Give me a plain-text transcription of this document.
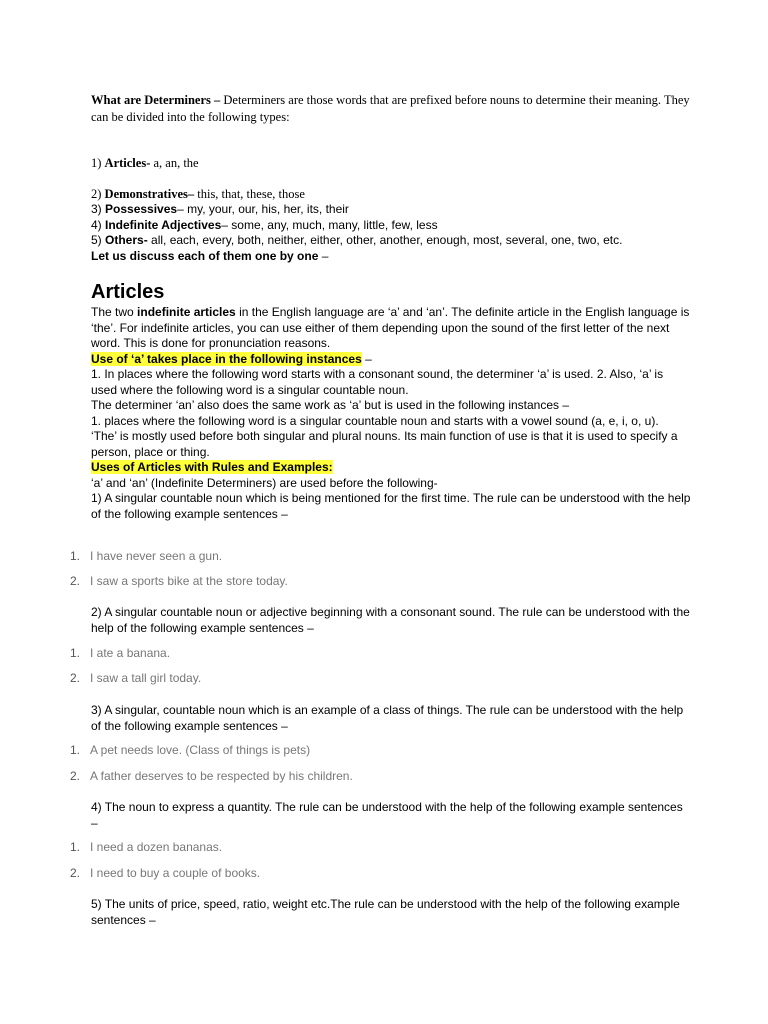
What are Determiners – Determiners are those words that are prefixed before nouns to determine their meaning. They can be divided into the following types:

1) Articles- a, an, the

2) Demonstratives– this, that, these, those

3) Possessives– my, your, our, his, her, its, their

4) Indefinite Adjectives– some, any, much, many, little, few, less

5) Others- all, each, every, both, neither, either, other, another, enough, most, several, one, two, etc.

Let us discuss each of them one by one –

Articles

The two indefinite articles in the English language are ‘a’ and ‘an’. The definite article in the English language is ‘the’. For indefinite articles, you can use either of them depending upon the sound of the first letter of the next word. This is done for pronunciation reasons.

Use of ‘a’ takes place in the following instances –

1. In places where the following word starts with a consonant sound, the determiner ‘a’ is used. 2. Also, ‘a’ is used where the following word is a singular countable noun.

The determiner ‘an’ also does the same work as ‘a’ but is used in the following instances –

1. places where the following word is a singular countable noun and starts with a vowel sound (a, e, i, o, u).

‘The’ is mostly used before both singular and plural nouns. Its main function of use is that it is used to specify a person, place or thing.

Uses of Articles with Rules and Examples:

‘a’ and ‘an’ (Indefinite Determiners) are used before the following-

1) A singular countable noun which is being mentioned for the first time. The rule can be understood with the help of the following example sentences –

1. I have never seen a gun.
2. I saw a sports bike at the store today.

2) A singular countable noun or adjective beginning with a consonant sound. The rule can be understood with the help of the following example sentences –

1. I ate a banana.
2. I saw a tall girl today.

3) A singular, countable noun which is an example of a class of things. The rule can be understood with the help of the following example sentences –

1. A pet needs love. (Class of things is pets)
2. A father deserves to be respected by his children.

4) The noun to express a quantity. The rule can be understood with the help of the following example sentences –

1. I need a dozen bananas.
2. I need to buy a couple of books.

5) The units of price, speed, ratio, weight etc.The rule can be understood with the help of the following example sentences –
